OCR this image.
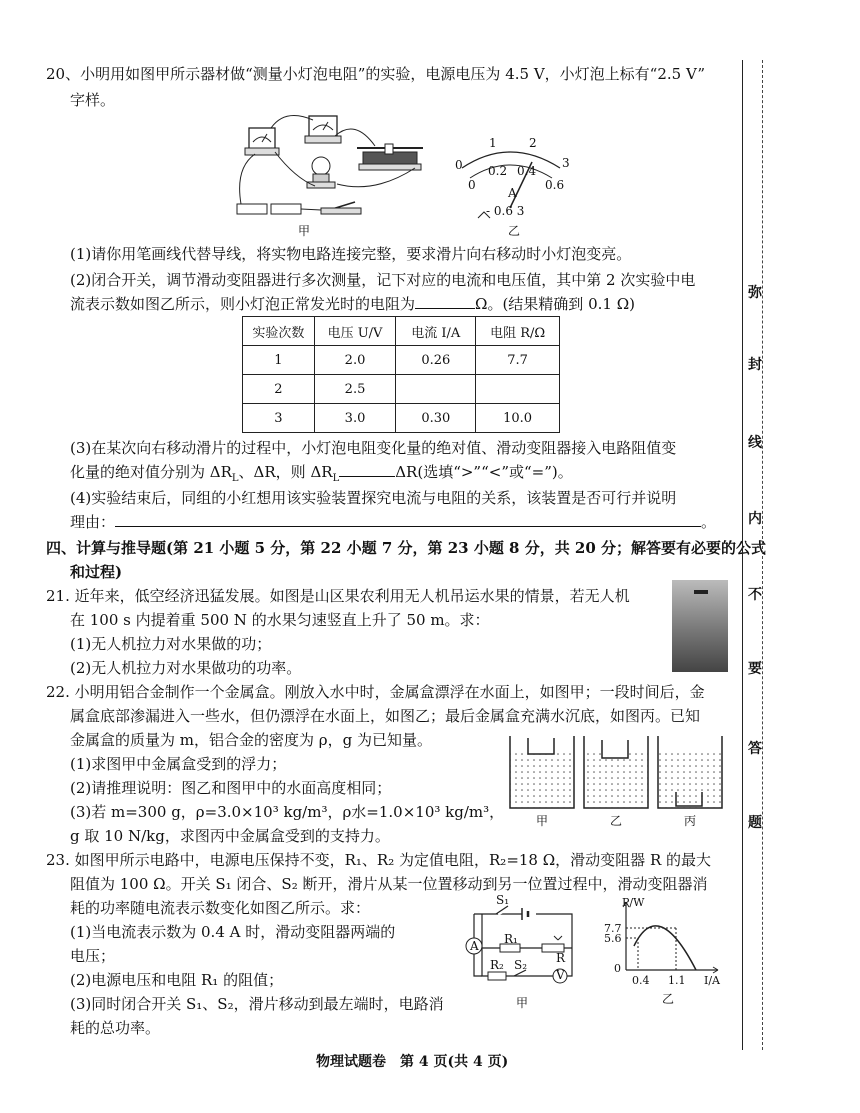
20、小明用如图甲所示器材做“测量小灯泡电阻”的实验，电源电压为 4.5 V，小灯泡上标有“2.5 V”
字样。
甲
0
1	2
3
0
0.2 0.4
0.6
A
- 0.6 3
乙
(1)请你用笔画线代替导线，将实物电路连接完整，要求滑片向右移动时小灯泡变亮。
(2)闭合开关，调节滑动变阻器进行多次测量，记下对应的电流和电压值，其中第 2 次实验中电
流表示数如图乙所示，则小灯泡正常发光时的电阻为	Ω。(结果精确到 0.1 Ω)
实验次数	电压 U/V	电流 I/A	电阻 R/Ω
1	2.0	0.26	7.7
2	2.5		
3	3.0	0.30	10.0
(3)在某次向右移动滑片的过程中，小灯泡电阻变化量的绝对值、滑动变阻器接入电路阻值变
化量的绝对值分别为 $\Delta R_L$、ΔR，则 $\Delta R_L$	ΔR(选填“>”“<”或“=”)。
(4)实验结束后，同组的小红想用该实验装置探究电流与电阻的关系，该装置是否可行并说明
理由：	。
四、计算与推导题(第 21 小题 5 分，第 22 小题 7 分，第 23 小题 8 分，共 20 分；解答要有必要的公式
和过程)
21. 近年来，低空经济迅猛发展。如图是山区果农利用无人机吊运水果的情景，若无人机
在 100 s 内提着重 500 N 的水果匀速竖直上升了 50 m。求：
(1)无人机拉力对水果做的功；
(2)无人机拉力对水果做功的功率。
22. 小明用铝合金制作一个金属盒。刚放入水中时，金属盒漂浮在水面上，如图甲；一段时间后，金
属盒底部渗漏进入一些水，但仍漂浮在水面上，如图乙；最后金属盒充满水沉底，如图丙。已知
金属盒的质量为 m，铝合金的密度为 ρ，g 为已知量。
(1)求图甲中金属盒受到的浮力；
(2)请推理说明：图乙和图甲中的水面高度相同；
(3)若 m=300 g，ρ=3.0×10³ kg/m³，ρ水=1.0×10³ kg/m³，
g 取 10 N/kg，求图丙中金属盒受到的支持力。
甲	乙	丙
23. 如图甲所示电路中，电源电压保持不变，R₁、R₂ 为定值电阻，R₂=18 Ω，滑动变阻器 R 的最大
阻值为 100 Ω。开关 S₁ 闭合、S₂ 断开，滑片从某一位置移动到另一位置过程中，滑动变阻器消
耗的功率随电流表示数变化如图乙所示。求：
(1)当电流表示数为 0.4 A 时，滑动变阻器两端的
电压；
(2)电源电压和电阻 R₁ 的阻值；
(3)同时闭合开关 S₁、S₂，滑片移动到最左端时，电路消
耗的总功率。
S₁
A R₁
R
R₂ S₂
V
甲
P/W
7.7
5.6
0
0.4 1.1 I/A
乙
弥
封
线
内
不
要
答
题
物理试题卷　第 4 页(共 4 页)
